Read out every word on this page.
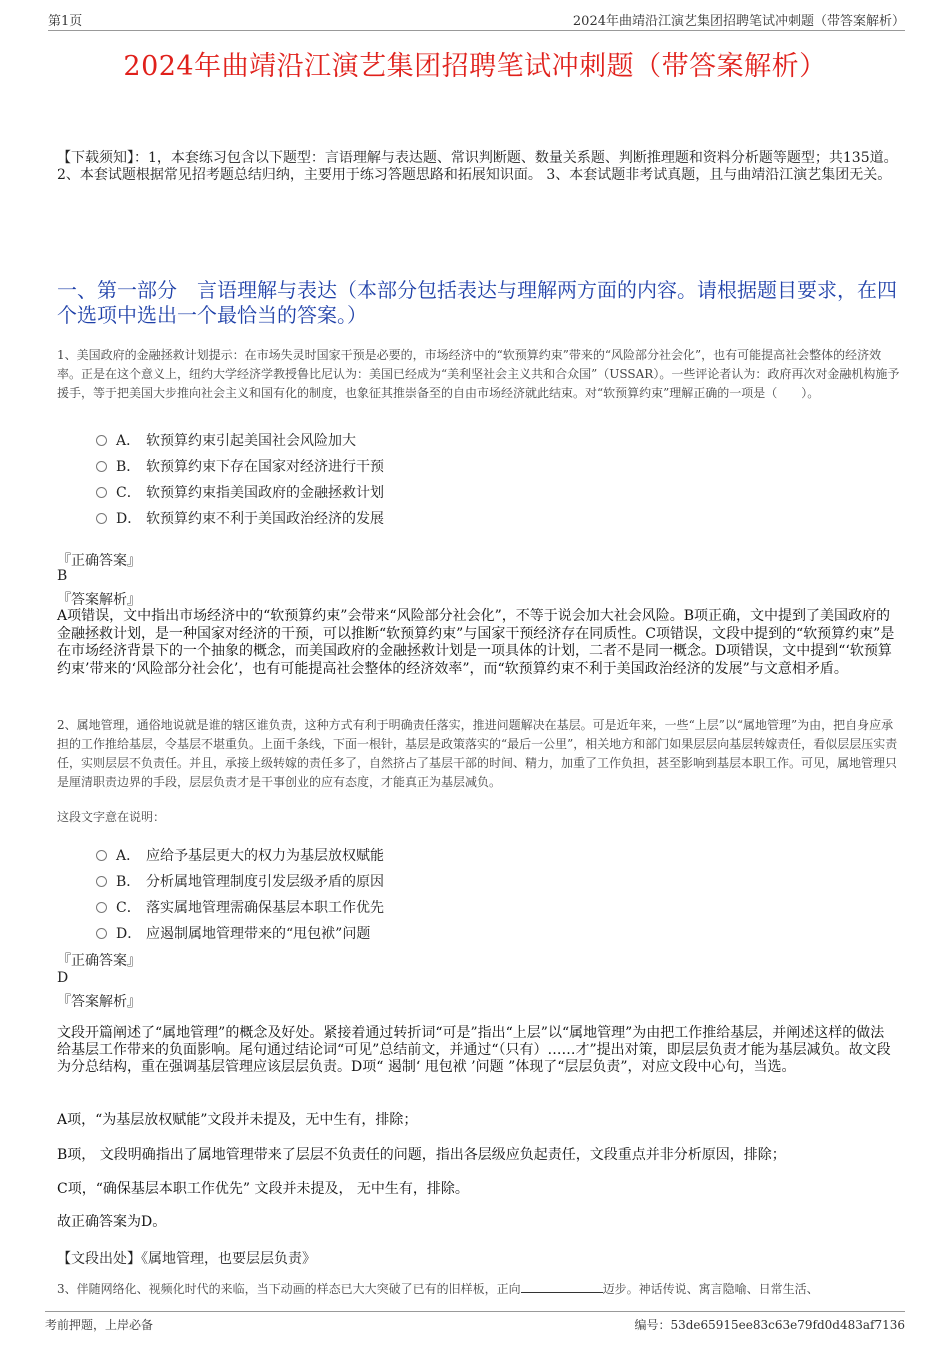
第1页	2024年曲靖沿江演艺集团招聘笔试冲刺题（带答案解析）
2024年曲靖沿江演艺集团招聘笔试冲刺题（带答案解析）
【下载须知】：1，本套练习包含以下题型：言语理解与表达题、常识判断题、数量关系题、判断推理题和资料分析题等题型；共135道。 2、本套试题根据常见招考题总结归纳，主要用于练习答题思路和拓展知识面。 3、本套试题非考试真题，且与曲靖沿江演艺集团无关。
一、第一部分　言语理解与表达（本部分包括表达与理解两方面的内容。请根据题目要求，在四个选项中选出一个最恰当的答案。）
1、美国政府的金融拯救计划提示：在市场失灵时国家干预是必要的，市场经济中的“软预算约束”带来的“风险部分社会化”，也有可能提高社会整体的经济效率。正是在这个意义上，纽约大学经济学教授鲁比尼认为：美国已经成为“美利坚社会主义共和合众国”（USSAR）。一些评论者认为：政府再次对金融机构施予援手，等于把美国大步推向社会主义和国有化的制度，也象征其推崇备至的自由市场经济就此结束。对“软预算约束”理解正确的一项是（　　）。
A． 软预算约束引起美国社会风险加大
B． 软预算约束下存在国家对经济进行干预
C． 软预算约束指美国政府的金融拯救计划
D． 软预算约束不利于美国政治经济的发展
『正确答案』
B
『答案解析』
A项错误，文中指出市场经济中的“软预算约束”会带来“风险部分社会化”，不等于说会加大社会风险。B项正确，文中提到了美国政府的金融拯救计划，是一种国家对经济的干预，可以推断“软预算约束”与国家干预经济存在同质性。C项错误，文段中提到的“软预算约束”是在市场经济背景下的一个抽象的概念，而美国政府的金融拯救计划是一项具体的计划，二者不是同一概念。D项错误，文中提到“‘软预算约束’带来的‘风险部分社会化’，也有可能提高社会整体的经济效率”，而“软预算约束不利于美国政治经济的发展”与文意相矛盾。
2、属地管理，通俗地说就是谁的辖区谁负责，这种方式有利于明确责任落实，推进问题解决在基层。可是近年来，一些“上层”以“属地管理”为由，把自身应承担的工作推给基层，令基层不堪重负。上面千条线，下面一根针，基层是政策落实的“最后一公里”，相关地方和部门如果层层向基层转嫁责任，看似层层压实责任，实则层层不负责任。并且，承接上级转嫁的责任多了，自然挤占了基层干部的时间、精力，加重了工作负担，甚至影响到基层本职工作。可见，属地管理只是厘清职责边界的手段，层层负责才是干事创业的应有态度，才能真正为基层减负。
这段文字意在说明：
A． 应给予基层更大的权力为基层放权赋能
B． 分析属地管理制度引发层级矛盾的原因
C． 落实属地管理需确保基层本职工作优先
D． 应遏制属地管理带来的“甩包袱”问题
『正确答案』
D
『答案解析』
文段开篇阐述了“属地管理”的概念及好处。紧接着通过转折词“可是”指出“上层”以“属地管理”为由把工作推给基层，并阐述这样的做法给基层工作带来的负面影响。尾句通过结论词“可见”总结前文，并通过“（只有）……才”提出对策，即层层负责才能为基层减负。故文段为分总结构，重在强调基层管理应该层层负责。D项“ 遏制‘ 甩包袱 ’问题 ”体现了“层层负责”，对应文段中心句，当选。
A项，“为基层放权赋能”文段并未提及，无中生有，排除；
B项， 文段明确指出了属地管理带来了层层不负责任的问题，指出各层级应负起责任，文段重点并非分析原因，排除；
C项，“确保基层本职工作优先” 文段并未提及， 无中生有，排除。
故正确答案为D。
【文段出处】《属地管理，也要层层负责》
3、伴随网络化、视频化时代的来临，当下动画的样态已大大突破了已有的旧样板，正向	迈步。神话传说、寓言隐喻、日常生活、
考前押题，上岸必备	编号：53de65915ee83c63e79fd0d483af7136
